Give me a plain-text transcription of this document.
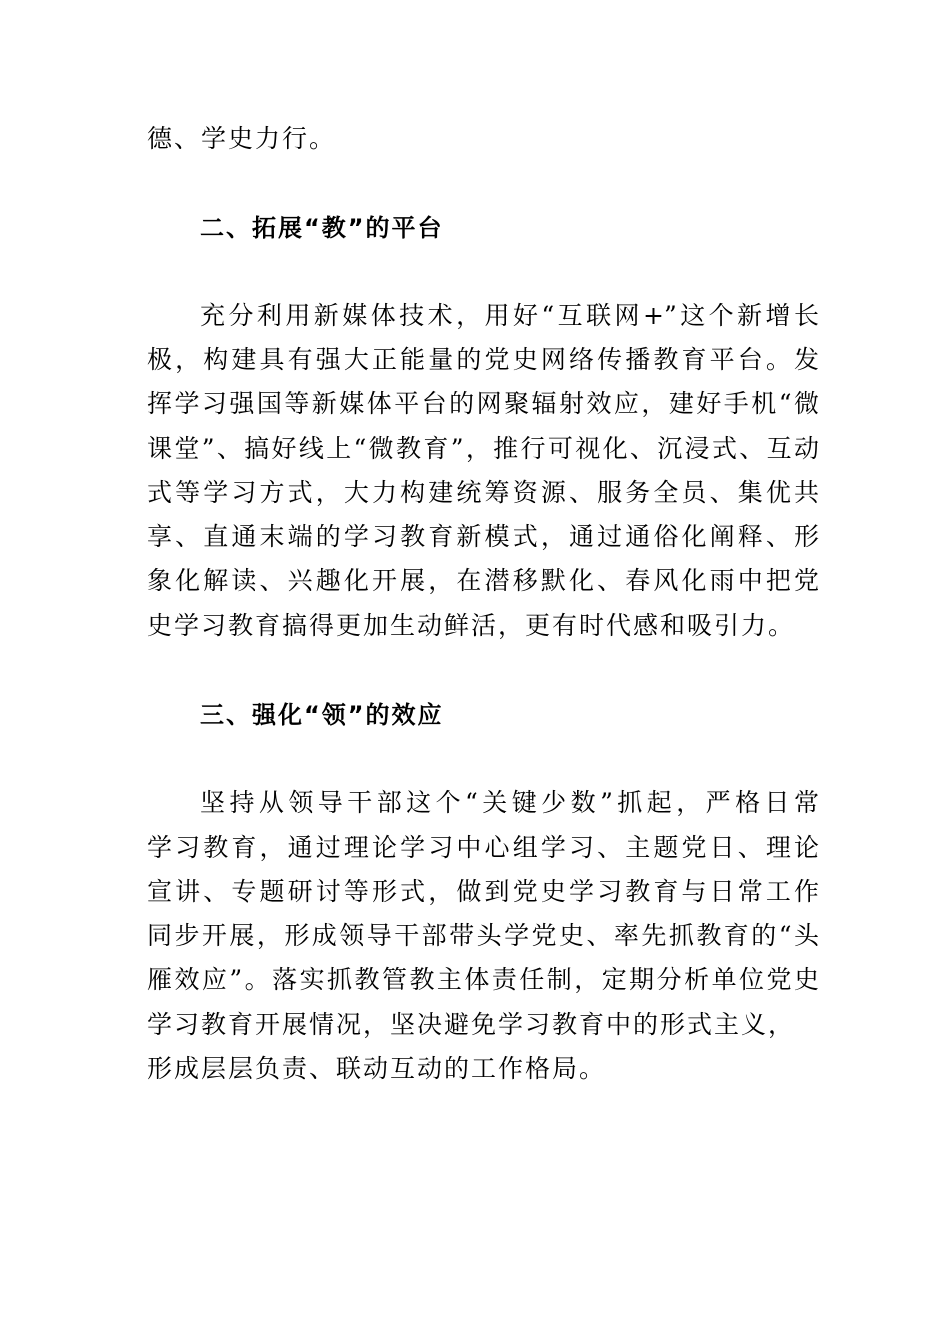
德、学史力行。
二、拓展“教”的平台
充分利用新媒体技术，用好“互联网+”这个新增长
极，构建具有强大正能量的党史网络传播教育平台。发
挥学习强国等新媒体平台的网聚辐射效应，建好手机“微
课堂”、搞好线上“微教育”，推行可视化、沉浸式、互动
式等学习方式，大力构建统筹资源、服务全员、集优共
享、直通末端的学习教育新模式，通过通俗化阐释、形
象化解读、兴趣化开展，在潜移默化、春风化雨中把党
史学习教育搞得更加生动鲜活，更有时代感和吸引力。
三、强化“领”的效应
坚持从领导干部这个“关键少数”抓起，严格日常
学习教育，通过理论学习中心组学习、主题党日、理论
宣讲、专题研讨等形式，做到党史学习教育与日常工作
同步开展，形成领导干部带头学党史、率先抓教育的“头
雁效应”。落实抓教管教主体责任制，定期分析单位党史
学习教育开展情况，坚决避免学习教育中的形式主义，
形成层层负责、联动互动的工作格局。
